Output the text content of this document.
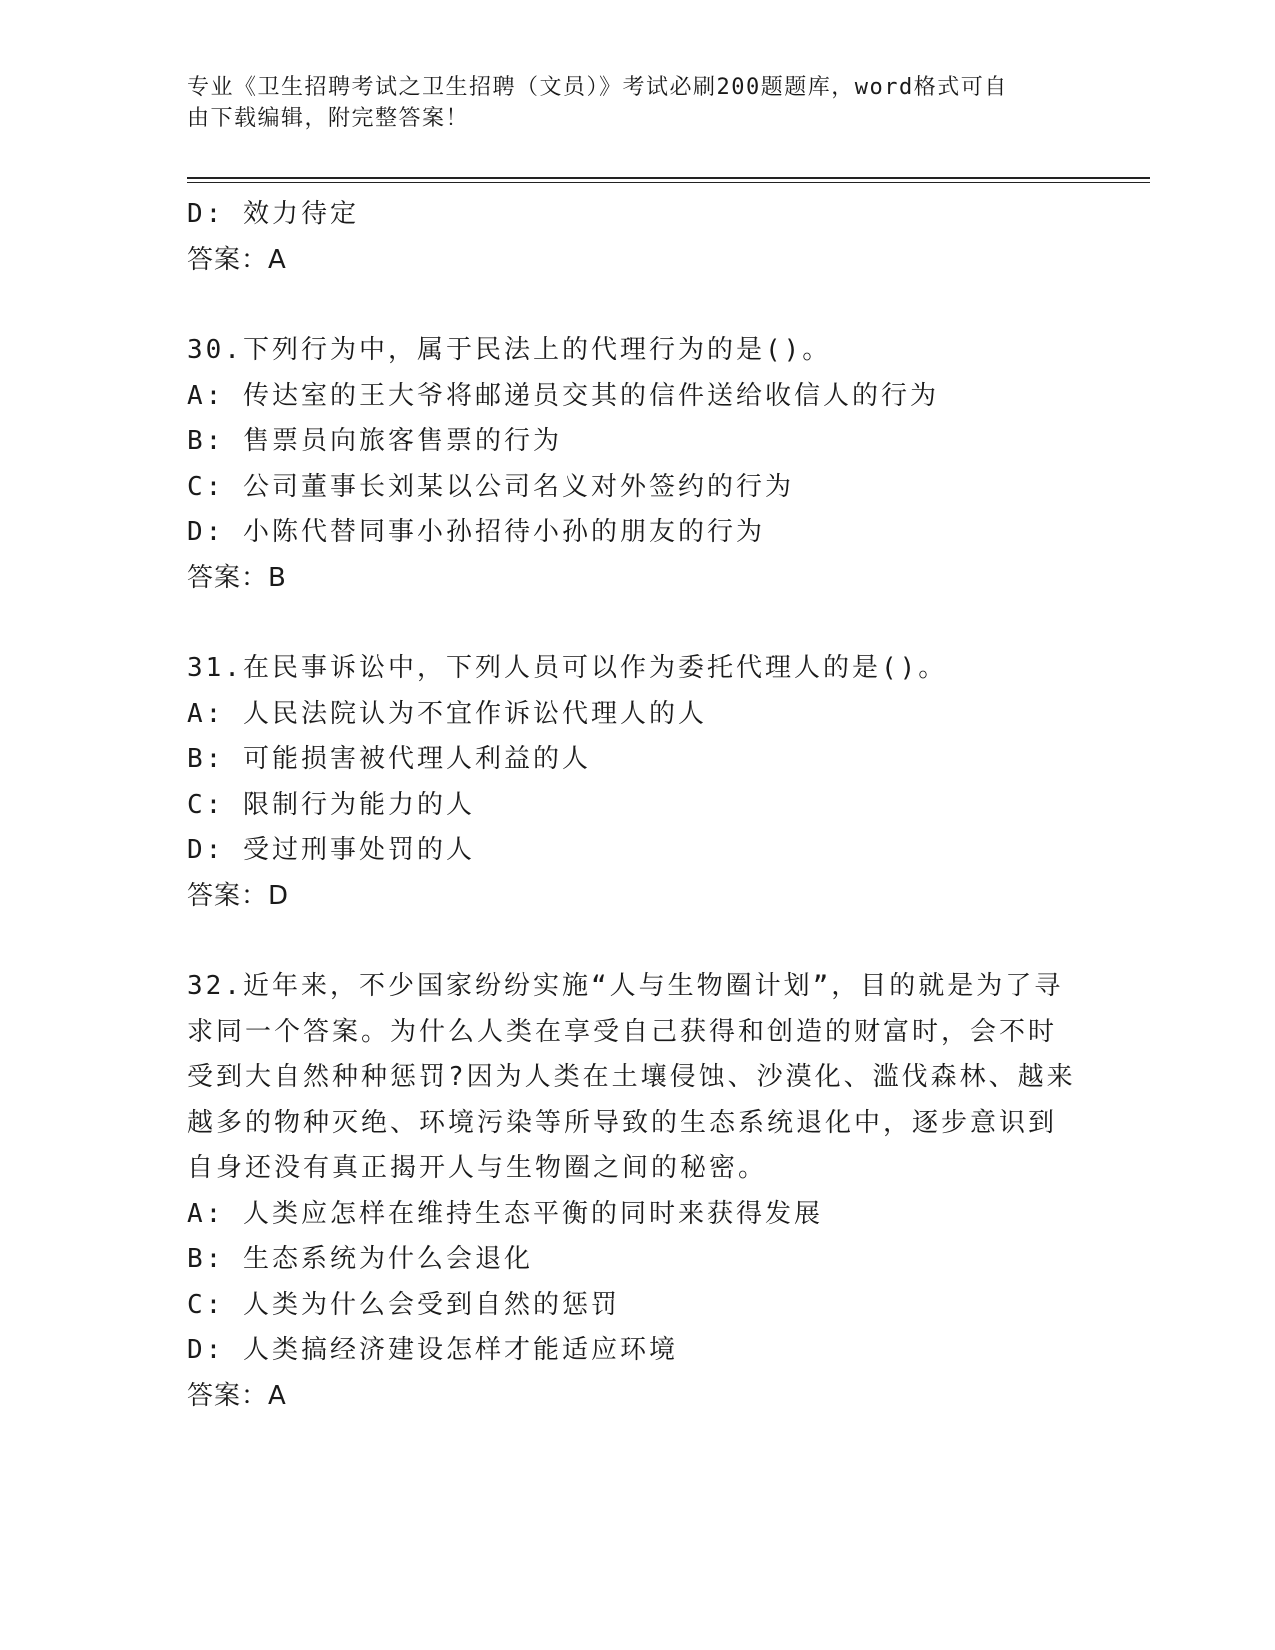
专业《卫生招聘考试之卫生招聘（文员）》考试必刷200题题库，word格式可自
由下载编辑，附完整答案！
D: 效力待定
答案：A
30.下列行为中，属于民法上的代理行为的是()。
A: 传达室的王大爷将邮递员交其的信件送给收信人的行为
B: 售票员向旅客售票的行为
C: 公司董事长刘某以公司名义对外签约的行为
D: 小陈代替同事小孙招待小孙的朋友的行为
答案：B
31.在民事诉讼中，下列人员可以作为委托代理人的是()。
A: 人民法院认为不宜作诉讼代理人的人
B: 可能损害被代理人利益的人
C: 限制行为能力的人
D: 受过刑事处罚的人
答案：D
32.近年来，不少国家纷纷实施“人与生物圈计划”，目的就是为了寻
求同一个答案。为什么人类在享受自己获得和创造的财富时，会不时
受到大自然种种惩罚?因为人类在土壤侵蚀、沙漠化、滥伐森林、越来
越多的物种灭绝、环境污染等所导致的生态系统退化中，逐步意识到
自身还没有真正揭开人与生物圈之间的秘密。
A: 人类应怎样在维持生态平衡的同时来获得发展
B: 生态系统为什么会退化
C: 人类为什么会受到自然的惩罚
D: 人类搞经济建设怎样才能适应环境
答案：A
